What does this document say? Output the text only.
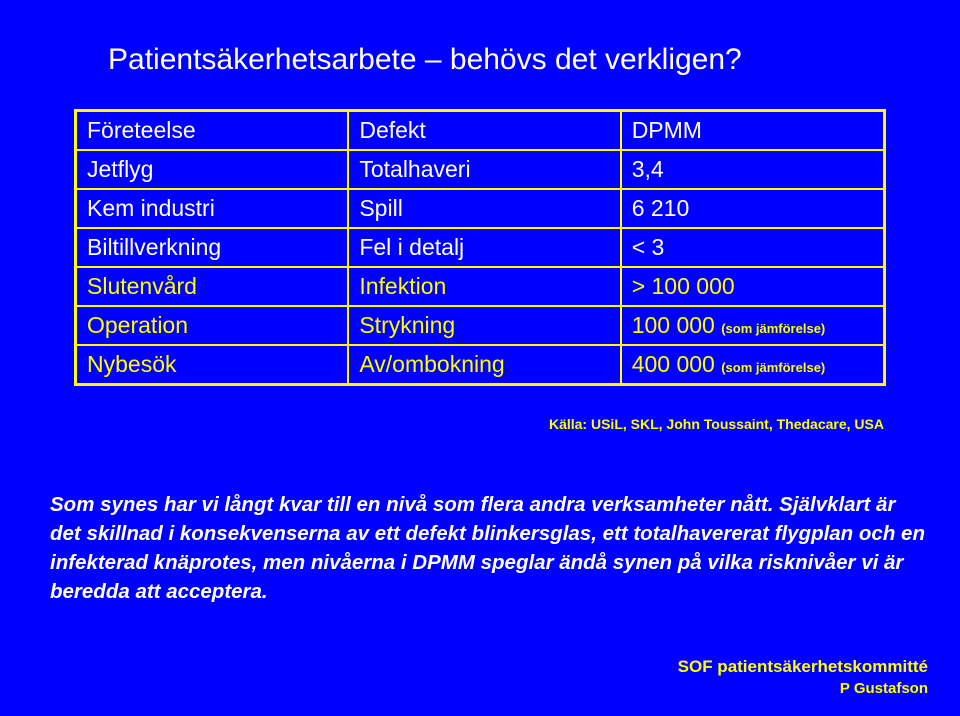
Patientsäkerhetsarbete – behövs det verkligen?
Företeelse	Defekt	DPMM
Jetflyg	Totalhaveri	3,4
Kem industri	Spill	6 210
Biltillverkning	Fel i detalj	< 3
Slutenvård	Infektion	> 100 000
Operation	Strykning	100 000 (som jämförelse)
Nybesök	Av/ombokning	400 000 (som jämförelse)
Källa: USiL, SKL, John Toussaint, Thedacare, USA

Som synes har vi långt kvar till en nivå som flera andra verksamheter nått. Självklart är det skillnad i konsekvenserna av ett defekt blinkersglas, ett totalhavererat flygplan och en infekterad knäprotes, men nivåerna i DPMM speglar ändå synen på vilka risknivåer vi är beredda att acceptera.

SOF patientsäkerhetskommitté
P Gustafson
